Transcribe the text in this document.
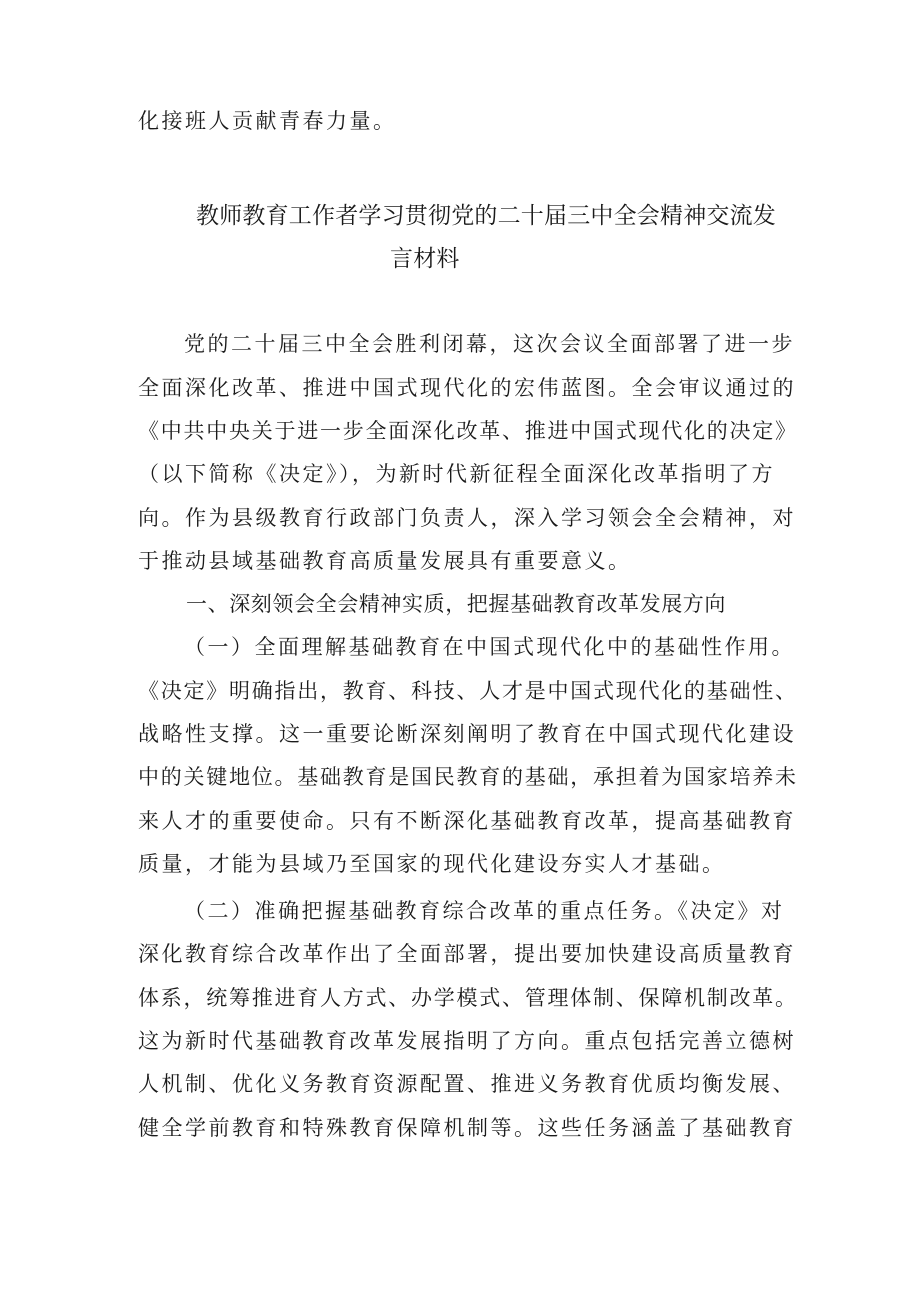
化接班人贡献青春力量。
教师教育工作者学习贯彻党的二十届三中全会精神交流发
言材料
党的二十届三中全会胜利闭幕，这次会议全面部署了进一步
全面深化改革、推进中国式现代化的宏伟蓝图。全会审议通过的
《中共中央关于进一步全面深化改革、推进中国式现代化的决定》
（以下简称《决定》），为新时代新征程全面深化改革指明了方
向。作为县级教育行政部门负责人，深入学习领会全会精神，对
于推动县域基础教育高质量发展具有重要意义。
一、深刻领会全会精神实质，把握基础教育改革发展方向
（一）全面理解基础教育在中国式现代化中的基础性作用。
《决定》明确指出，教育、科技、人才是中国式现代化的基础性、
战略性支撑。这一重要论断深刻阐明了教育在中国式现代化建设
中的关键地位。基础教育是国民教育的基础，承担着为国家培养未
来人才的重要使命。只有不断深化基础教育改革，提高基础教育
质量，才能为县域乃至国家的现代化建设夯实人才基础。
（二）准确把握基础教育综合改革的重点任务。《决定》对
深化教育综合改革作出了全面部署，提出要加快建设高质量教育
体系，统筹推进育人方式、办学模式、管理体制、保障机制改革。
这为新时代基础教育改革发展指明了方向。重点包括完善立德树
人机制、优化义务教育资源配置、推进义务教育优质均衡发展、
健全学前教育和特殊教育保障机制等。这些任务涵盖了基础教育
